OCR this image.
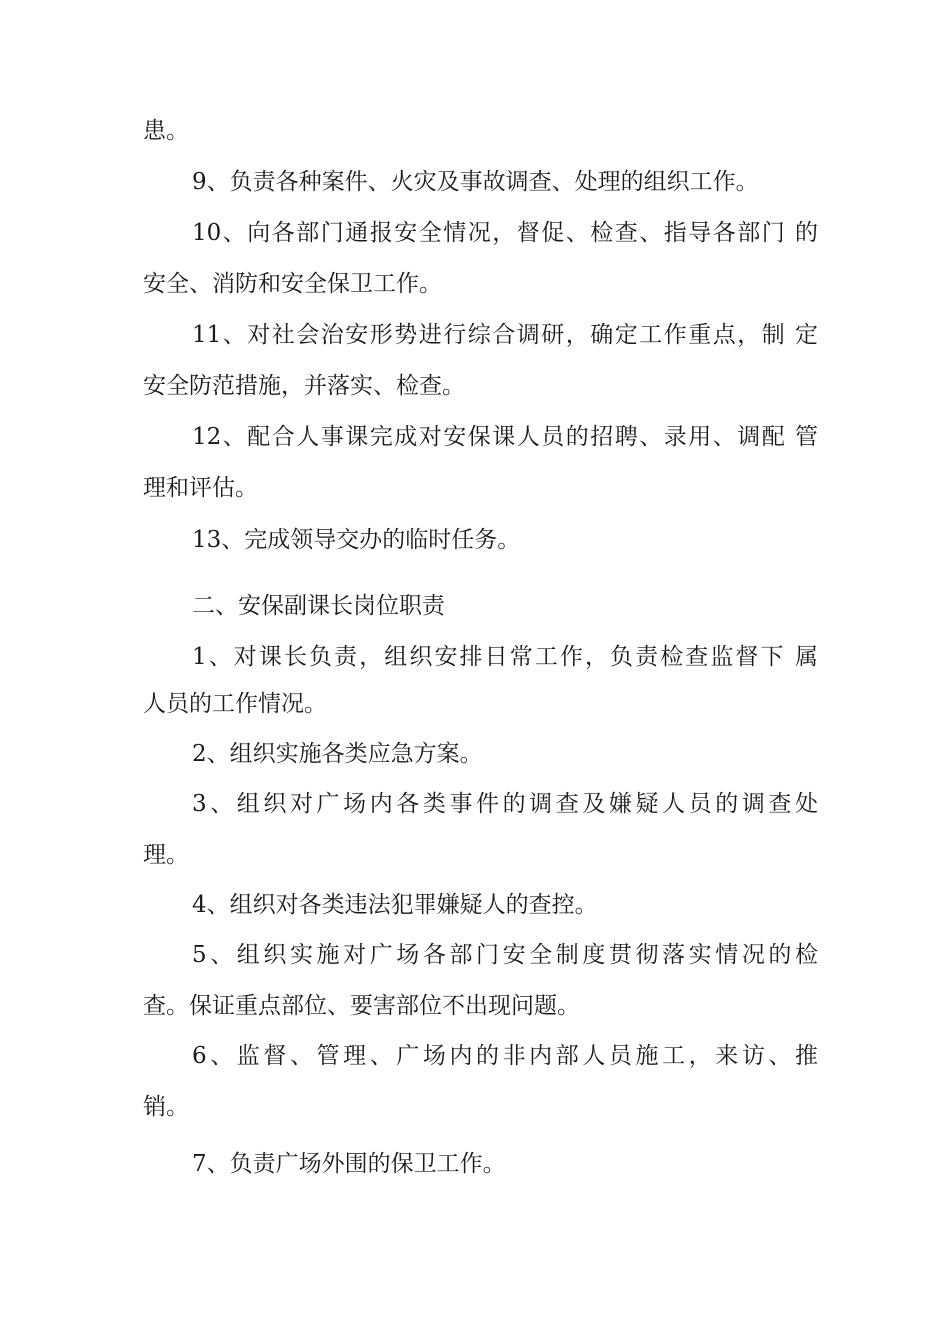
患。
9、负责各种案件、火灾及事故调查、处理的组织工作。
10、向各部门通报安全情况，督促、检查、指导各部门 的
安全、消防和安全保卫工作。
11、对社会治安形势进行综合调研，确定工作重点，制 定
安全防范措施，并落实、检查。
12、配合人事课完成对安保课人员的招聘、录用、调配 管
理和评估。
13、完成领导交办的临时任务。
二、安保副课长岗位职责
1、对课长负责，组织安排日常工作，负责检查监督下 属
人员的工作情况。
2、组织实施各类应急方案。
3、组织对广场内各类事件的调查及嫌疑人员的调查处
理。
4、组织对各类违法犯罪嫌疑人的查控。
5、组织实施对广场各部门安全制度贯彻落实情况的检
查。保证重点部位、要害部位不出现问题。
6、监督、管理、广场内的非内部人员施工，来访、推
销。
7、负责广场外围的保卫工作。
